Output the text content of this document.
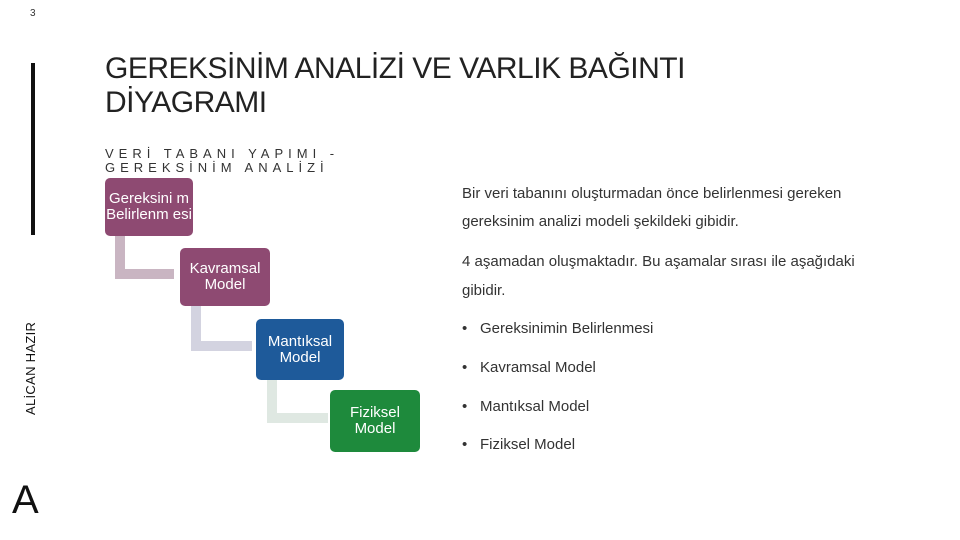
3
ALİCAN HAZIR
A
GEREKSİNİM ANALİZİ VE VARLIK BAĞINTI DİYAGRAMI
VERİ TABANI YAPIMI - GEREKSİNİM ANALİZİ
Gereksini m Belirlenm esi
Kavramsal Model
Mantıksal Model
Fiziksel Model
Bir veri tabanını oluşturmadan önce belirlenmesi gereken
gereksinim analizi modeli şekildeki gibidir.
4 aşamadan oluşmaktadır. Bu aşamalar sırası ile aşağıdaki
gibidir.
• Gereksinimin Belirlenmesi
• Kavramsal Model
• Mantıksal Model
• Fiziksel Model
